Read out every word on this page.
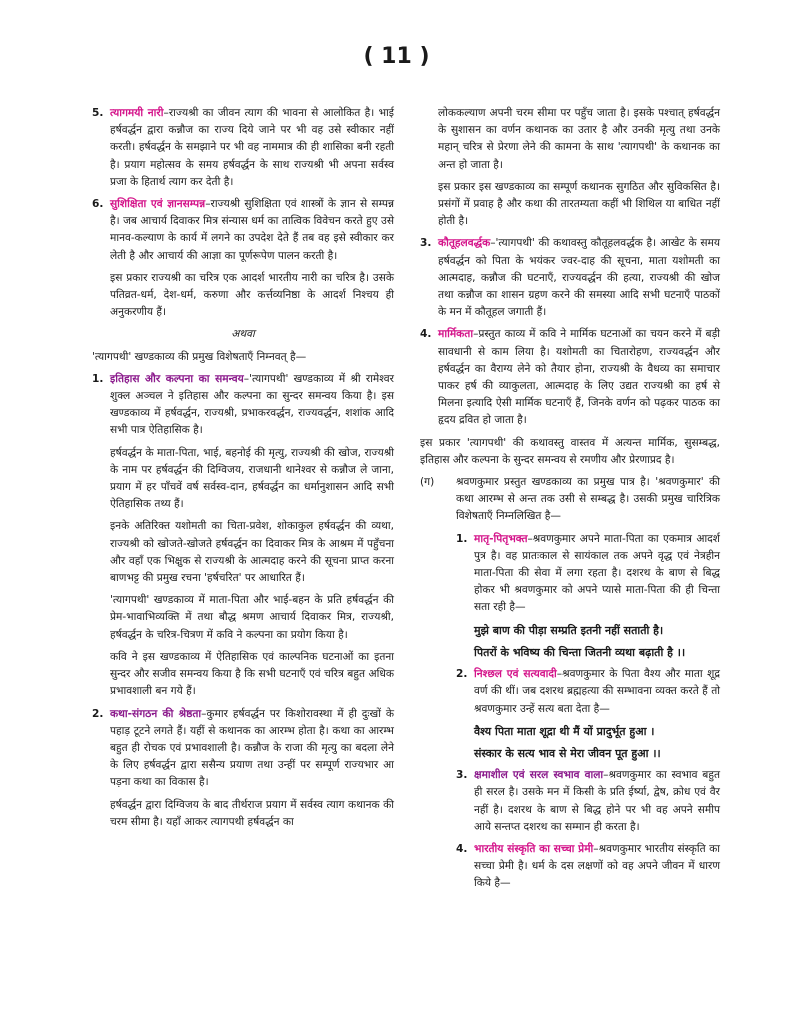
( 11 )
5. त्यागमयी नारी–राज्यश्री का जीवन त्याग की भावना से आलोकित है। भाई हर्षवर्द्धन द्वारा कन्नौज का राज्य दिये जाने पर भी वह उसे स्वीकार नहीं करती। हर्षवर्द्धन के समझाने पर भी वह नाममात्र की ही शासिका बनी रहती है। प्रयाग महोत्सव के समय हर्षवर्द्धन के साथ राज्यश्री भी अपना सर्वस्व प्रजा के हितार्थ त्याग कर देती है।

6. सुशिक्षिता एवं ज्ञानसम्पन्न–राज्यश्री सुशिक्षिता एवं शास्त्रों के ज्ञान से सम्पन्न है। जब आचार्य दिवाकर मित्र संन्यास धर्म का तात्विक विवेचन करते हुए उसे मानव-कल्याण के कार्य में लगने का उपदेश देते हैं तब वह इसे स्वीकार कर लेती है और आचार्य की आज्ञा का पूर्णरूपेण पालन करती है।

इस प्रकार राज्यश्री का चरित्र एक आदर्श भारतीय नारी का चरित्र है। उसके पतिव्रत-धर्म, देश-धर्म, करुणा और कर्त्तव्यनिष्ठा के आदर्श निश्चय ही अनुकरणीय हैं।

अथवा

'त्यागपथी' खण्डकाव्य की प्रमुख विशेषताएँ निम्नवत् है—

1. इतिहास और कल्पना का समन्वय–'त्यागपथी' खण्डकाव्य में श्री रामेश्वर शुक्ल अञ्चल ने इतिहास और कल्पना का सुन्दर समन्वय किया है। इस खण्डकाव्य में हर्षवर्द्धन, राज्यश्री, प्रभाकरवर्द्धन, राज्यवर्द्धन, शशांक आदि सभी पात्र ऐतिहासिक है।

हर्षवर्द्धन के माता-पिता, भाई, बहनोई की मृत्यु, राज्यश्री की खोज, राज्यश्री के नाम पर हर्षवर्द्धन की दिग्विजय, राजधानी थानेश्वर से कन्नौज ले जाना, प्रयाग में हर पाँचवें वर्ष सर्वस्व-दान, हर्षवर्द्धन का धर्मानुशासन आदि सभी ऐतिहासिक तथ्य हैं।

इनके अतिरिक्त यशोमती का चिता-प्रवेश, शोकाकुल हर्षवर्द्धन की व्यथा, राज्यश्री को खोजते-खोजते हर्षवर्द्धन का दिवाकर मित्र के आश्रम में पहुँचना और वहाँ एक भिक्षुक से राज्यश्री के आत्मदाह करने की सूचना प्राप्त करना बाणभट्ट की प्रमुख रचना 'हर्षचरित' पर आधारित हैं।

'त्यागपथी' खण्डकाव्य में माता-पिता और भाई-बहन के प्रति हर्षवर्द्धन की प्रेम-भावाभिव्यक्ति में तथा बौद्ध श्रमण आचार्य दिवाकर मित्र, राज्यश्री, हर्षवर्द्धन के चरित्र-चित्रण में कवि ने कल्पना का प्रयोग किया है।

कवि ने इस खण्डकाव्य में ऐतिहासिक एवं काल्पनिक घटनाओं का इतना सुन्दर और सजीव समन्वय किया है कि सभी घटनाएँ एवं चरित्र बहुत अधिक प्रभावशाली बन गये हैं।

2. कथा-संगठन की श्रेष्ठता–कुमार हर्षवर्द्धन पर किशोरावस्था में ही दुःखों के पहाड़ टूटने लगते हैं। यहीं से कथानक का आरम्भ होता है। कथा का आरम्भ बहुत ही रोचक एवं प्रभावशाली है। कन्नौज के राजा की मृत्यु का बदला लेने के लिए हर्षवर्द्धन द्वारा ससैन्य प्रयाण तथा उन्हीं पर सम्पूर्ण राज्यभार आ पड़ना कथा का विकास है।

हर्षवर्द्धन द्वारा दिग्विजय के बाद तीर्थराज प्रयाग में सर्वस्व त्याग कथानक की चरम सीमा है। यहाँ आकर त्यागपथी हर्षवर्द्धन का

लोककल्याण अपनी चरम सीमा पर पहुँच जाता है। इसके पश्चात् हर्षवर्द्धन के सुशासन का वर्णन कथानक का उतार है और उनकी मृत्यु तथा उनके महान् चरित्र से प्रेरणा लेने की कामना के साथ 'त्यागपथी' के कथानक का अन्त हो जाता है।

इस प्रकार इस खण्डकाव्य का सम्पूर्ण कथानक सुगठित और सुविकसित है। प्रसंगों में प्रवाह है और कथा की तारतम्यता कहीं भी शिथिल या बाधित नहीं होती है।

3. कौतूहलवर्द्धक–'त्यागपथी' की कथावस्तु कौतूहलवर्द्धक है। आखेट के समय हर्षवर्द्धन को पिता के भयंकर ज्वर-दाह की सूचना, माता यशोमती का आत्मदाह, कन्नौज की घटनाएँ, राज्यवर्द्धन की हत्या, राज्यश्री की खोज तथा कन्नौज का शासन ग्रहण करने की समस्या आदि सभी घटनाएँ पाठकों के मन में कौतूहल जगाती हैं।

4. मार्मिकता–प्रस्तुत काव्य में कवि ने मार्मिक घटनाओं का चयन करने में बड़ी सावधानी से काम लिया है। यशोमती का चितारोहण, राज्यवर्द्धन और हर्षवर्द्धन का वैराग्य लेने को तैयार होना, राज्यश्री के वैधव्य का समाचार पाकर हर्ष की व्याकुलता, आत्मदाह के लिए उद्यत राज्यश्री का हर्ष से मिलना इत्यादि ऐसी मार्मिक घटनाएँ हैं, जिनके वर्णन को पढ़कर पाठक का हृदय द्रवित हो जाता है।

इस प्रकार 'त्यागपथी' की कथावस्तु वास्तव में अत्यन्त मार्मिक, सुसम्बद्ध, इतिहास और कल्पना के सुन्दर समन्वय से रमणीय और प्रेरणाप्रद है।

(ग) श्रवणकुमार प्रस्तुत खण्डकाव्य का प्रमुख पात्र है। 'श्रवणकुमार' की कथा आरम्भ से अन्त तक उसी से सम्बद्ध है। उसकी प्रमुख चारित्रिक विशेषताएँ निम्नलिखित है—

1. मातृ-पितृभक्त–श्रवणकुमार अपने माता-पिता का एकमात्र आदर्श पुत्र है। वह प्रातःकाल से सायंकाल तक अपने वृद्ध एवं नेत्रहीन माता-पिता की सेवा में लगा रहता है। दशरथ के बाण से बिद्ध होकर भी श्रवणकुमार को अपने प्यासे माता-पिता की ही चिन्ता सता रही है—

मुझे बाण की पीड़ा सम्प्रति इतनी नहीं सताती है।

पितरों के भविष्य की चिन्ता जितनी व्यथा बढ़ाती है ।।

2. निश्छल एवं सत्यवादी–श्रवणकुमार के पिता वैश्य और माता शूद्र वर्ण की थीं। जब दशरथ ब्रह्महत्या की सम्भावना व्यक्त करते हैं तो श्रवणकुमार उन्हें सत्य बता देता है—

वैश्य पिता माता शूद्रा थी मैं यों प्रादुर्भूत हुआ ।

संस्कार के सत्य भाव से मेरा जीवन पूत हुआ ।।

3. क्षमाशील एवं सरल स्वभाव वाला–श्रवणकुमार का स्वभाव बहुत ही सरल है। उसके मन में किसी के प्रति ईर्ष्या, द्वेष, क्रोध एवं वैर नहीं है। दशरथ के बाण से बिद्ध होने पर भी वह अपने समीप आये सन्तप्त दशरथ का सम्मान ही करता है।

4. भारतीय संस्कृति का सच्चा प्रेमी–श्रवणकुमार भारतीय संस्कृति का सच्चा प्रेमी है। धर्म के दस लक्षणों को वह अपने जीवन में धारण किये है—
